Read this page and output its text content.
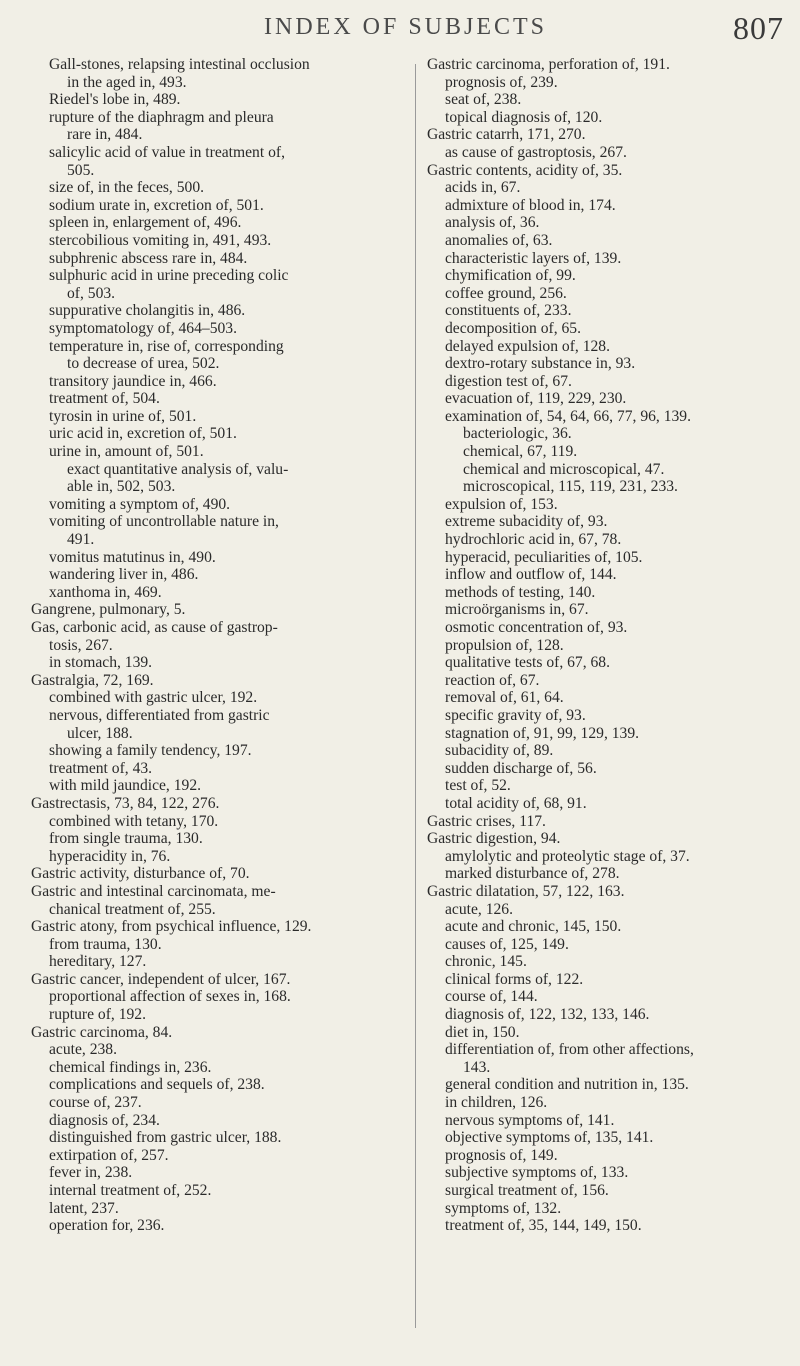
INDEX OF SUBJECTS	807
Gall-stones, relapsing intestinal occlusion
in the aged in, 493.
Riedel's lobe in, 489.
rupture of the diaphragm and pleura
rare in, 484.
salicylic acid of value in treatment of,
505.
size of, in the feces, 500.
sodium urate in, excretion of, 501.
spleen in, enlargement of, 496.
stercobilious vomiting in, 491, 493.
subphrenic abscess rare in, 484.
sulphuric acid in urine preceding colic
of, 503.
suppurative cholangitis in, 486.
symptomatology of, 464–503.
temperature in, rise of, corresponding
to decrease of urea, 502.
transitory jaundice in, 466.
treatment of, 504.
tyrosin in urine of, 501.
uric acid in, excretion of, 501.
urine in, amount of, 501.
exact quantitative analysis of, valu-
able in, 502, 503.
vomiting a symptom of, 490.
vomiting of uncontrollable nature in,
491.
vomitus matutinus in, 490.
wandering liver in, 486.
xanthoma in, 469.
Gangrene, pulmonary, 5.
Gas, carbonic acid, as cause of gastrop-
tosis, 267.
in stomach, 139.
Gastralgia, 72, 169.
combined with gastric ulcer, 192.
nervous, differentiated from gastric
ulcer, 188.
showing a family tendency, 197.
treatment of, 43.
with mild jaundice, 192.
Gastrectasis, 73, 84, 122, 276.
combined with tetany, 170.
from single trauma, 130.
hyperacidity in, 76.
Gastric activity, disturbance of, 70.
Gastric and intestinal carcinomata, me-
chanical treatment of, 255.
Gastric atony, from psychical influence, 129.
from trauma, 130.
hereditary, 127.
Gastric cancer, independent of ulcer, 167.
proportional affection of sexes in, 168.
rupture of, 192.
Gastric carcinoma, 84.
acute, 238.
chemical findings in, 236.
complications and sequels of, 238.
course of, 237.
diagnosis of, 234.
distinguished from gastric ulcer, 188.
extirpation of, 257.
fever in, 238.
internal treatment of, 252.
latent, 237.
operation for, 236.
Gastric carcinoma, perforation of, 191.
prognosis of, 239.
seat of, 238.
topical diagnosis of, 120.
Gastric catarrh, 171, 270.
as cause of gastroptosis, 267.
Gastric contents, acidity of, 35.
acids in, 67.
admixture of blood in, 174.
analysis of, 36.
anomalies of, 63.
characteristic layers of, 139.
chymification of, 99.
coffee ground, 256.
constituents of, 233.
decomposition of, 65.
delayed expulsion of, 128.
dextro-rotary substance in, 93.
digestion test of, 67.
evacuation of, 119, 229, 230.
examination of, 54, 64, 66, 77, 96, 139.
bacteriologic, 36.
chemical, 67, 119.
chemical and microscopical, 47.
microscopical, 115, 119, 231, 233.
expulsion of, 153.
extreme subacidity of, 93.
hydrochloric acid in, 67, 78.
hyperacid, peculiarities of, 105.
inflow and outflow of, 144.
methods of testing, 140.
microörganisms in, 67.
osmotic concentration of, 93.
propulsion of, 128.
qualitative tests of, 67, 68.
reaction of, 67.
removal of, 61, 64.
specific gravity of, 93.
stagnation of, 91, 99, 129, 139.
subacidity of, 89.
sudden discharge of, 56.
test of, 52.
total acidity of, 68, 91.
Gastric crises, 117.
Gastric digestion, 94.
amylolytic and proteolytic stage of, 37.
marked disturbance of, 278.
Gastric dilatation, 57, 122, 163.
acute, 126.
acute and chronic, 145, 150.
causes of, 125, 149.
chronic, 145.
clinical forms of, 122.
course of, 144.
diagnosis of, 122, 132, 133, 146.
diet in, 150.
differentiation of, from other affections,
143.
general condition and nutrition in, 135.
in children, 126.
nervous symptoms of, 141.
objective symptoms of, 135, 141.
prognosis of, 149.
subjective symptoms of, 133.
surgical treatment of, 156.
symptoms of, 132.
treatment of, 35, 144, 149, 150.
